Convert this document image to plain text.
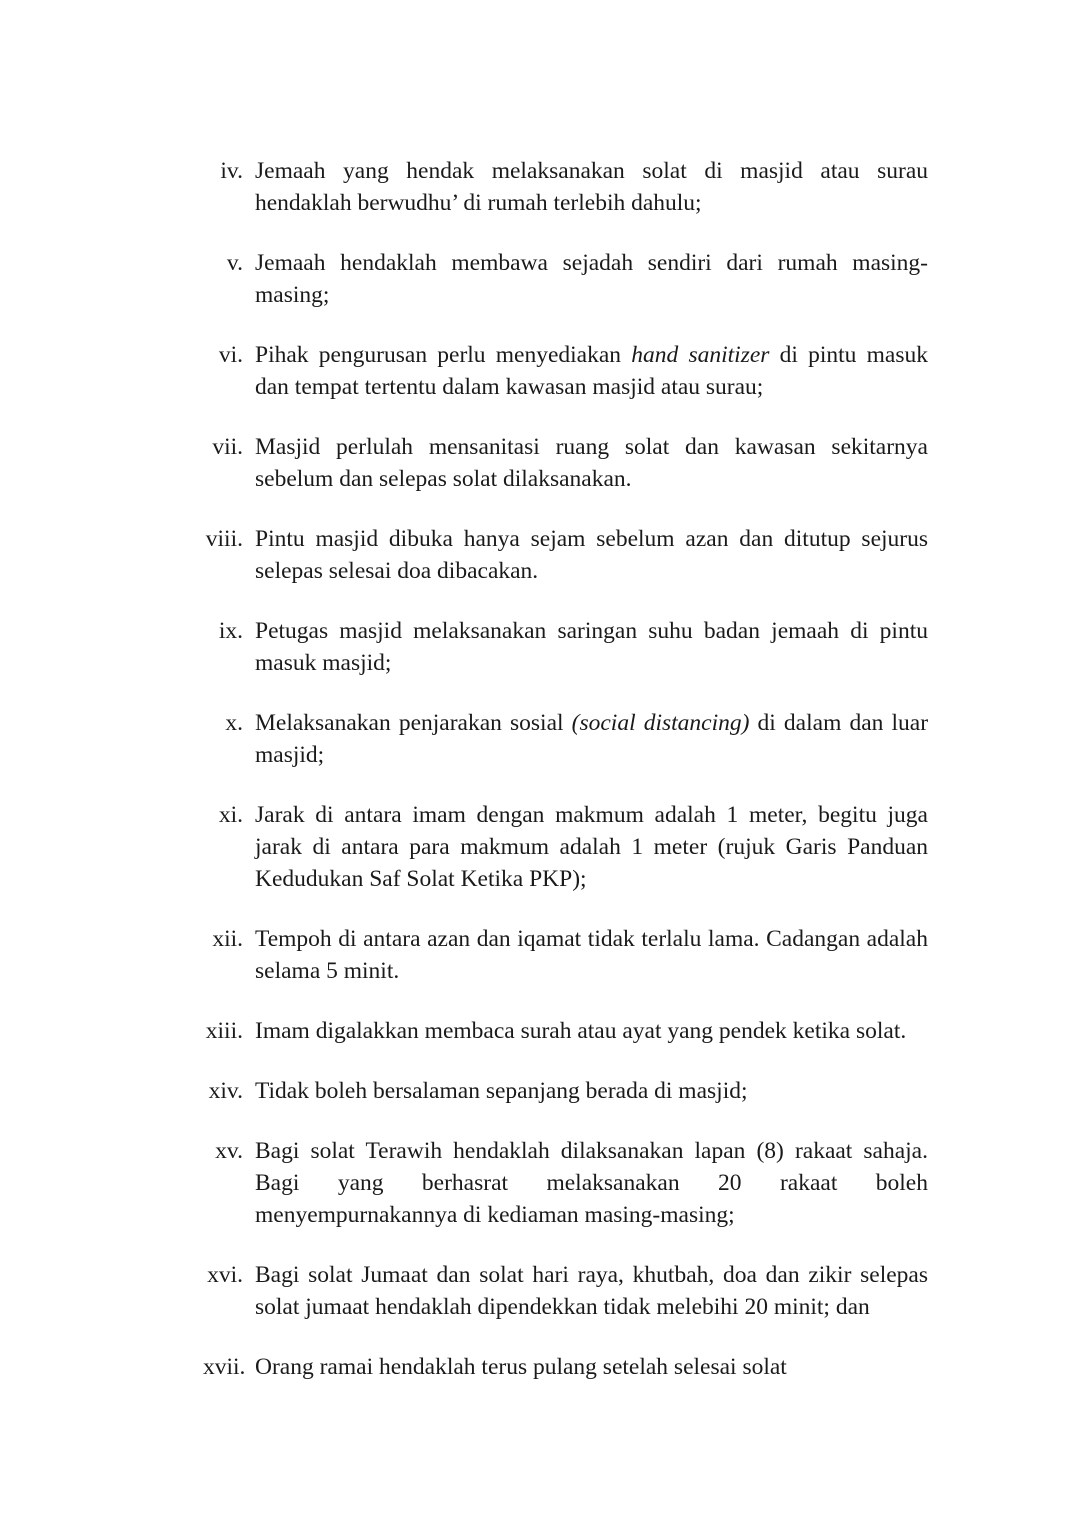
iv. Jemaah yang hendak melaksanakan solat di masjid atau surau hendaklah berwudhu’ di rumah terlebih dahulu;
v. Jemaah hendaklah membawa sejadah sendiri dari rumah masing-masing;
vi. Pihak pengurusan perlu menyediakan hand sanitizer di pintu masuk dan tempat tertentu dalam kawasan masjid atau surau;
vii. Masjid perlulah mensanitasi ruang solat dan kawasan sekitarnya sebelum dan selepas solat dilaksanakan.
viii. Pintu masjid dibuka hanya sejam sebelum azan dan ditutup sejurus selepas selesai doa dibacakan.
ix. Petugas masjid melaksanakan saringan suhu badan jemaah di pintu masuk masjid;
x. Melaksanakan penjarakan sosial (social distancing) di dalam dan luar masjid;
xi. Jarak di antara imam dengan makmum adalah 1 meter, begitu juga jarak di antara para makmum adalah 1 meter (rujuk Garis Panduan Kedudukan Saf Solat Ketika PKP);
xii. Tempoh di antara azan dan iqamat tidak terlalu lama. Cadangan adalah selama 5 minit.
xiii. Imam digalakkan membaca surah atau ayat yang pendek ketika solat.
xiv. Tidak boleh bersalaman sepanjang berada di masjid;
xv. Bagi solat Terawih hendaklah dilaksanakan lapan (8) rakaat sahaja. Bagi yang berhasrat melaksanakan 20 rakaat boleh menyempurnakannya di kediaman masing-masing;
xvi. Bagi solat Jumaat dan solat hari raya, khutbah, doa dan zikir selepas solat jumaat hendaklah dipendekkan tidak melebihi 20 minit; dan
xvii. Orang ramai hendaklah terus pulang setelah selesai solat
